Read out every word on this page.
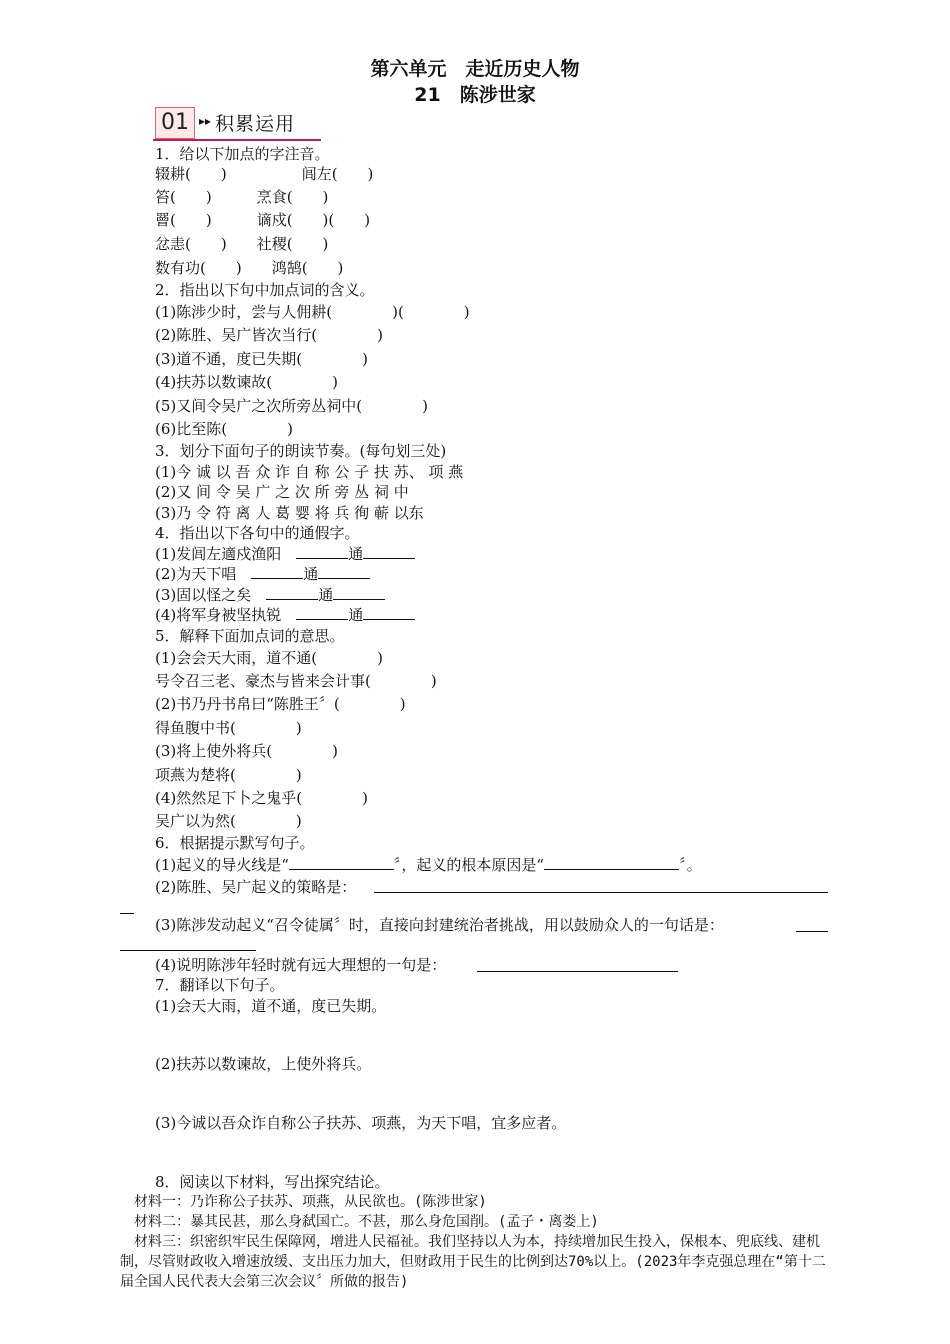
第六单元　走近历史人物
21　陈涉世家
01 ▸▸ 积累运用
1．给以下加点的字注音。
辍耕(　　)　　　　　闾左(　　)
笞(　　)　　　烹食(　　)
罾(　　)　　　谪戍(　　)(　　)
忿恚(　　)　　社稷(　　)
数有功(　　)　　鸿鹄(　　)
2．指出以下句中加点词的含义。
(1)陈涉少时，尝与人佣耕(　　　　)(　　　　)
(2)陈胜、吴广皆次当行(　　　　)
(3)道不通，度已失期(　　　　)
(4)扶苏以数谏故(　　　　)
(5)又间令吴广之次所旁丛祠中(　　　　)
(6)比至陈(　　　　)
3．划分下面句子的朗读节奏。(每句划三处)
(1)今 诚 以 吾 众 诈 自 称 公 子 扶 苏、 项 燕
(2)又 间 令 吴 广 之 次 所 旁 丛 祠 中
(3)乃 令 符 离 人 葛 婴 将 兵 徇 蕲 以东
4．指出以下各句中的通假字。
(1)发闾左適戍渔阳　	通
(2)为天下唱　	通
(3)固以怪之矣　	通
(4)将军身被坚执锐　	通
5．解释下面加点词的意思。
(1)会会天大雨，道不通(　　　　)
号令召三老、豪杰与皆来会计事(　　　　)
(2)书乃丹书帛曰“陈胜王〞(　　　　)
得鱼腹中书(　　　　)
(3)将上使外将兵(　　　　)
项燕为楚将(　　　　)
(4)然然足下卜之鬼乎(　　　　)
吴广以为然(　　　　)
6．根据提示默写句子。
(1)起义的导火线是“	〞，起义的根本原因是“	〞。
(2)陈胜、吴广起义的策略是：
(3)陈涉发动起义“召令徒属〞时，直接向封建统治者挑战，用以鼓励众人的一句话是：
(4)说明陈涉年轻时就有远大理想的一句是：
7．翻译以下句子。
(1)会天大雨，道不通，度已失期。
(2)扶苏以数谏故，上使外将兵。
(3)今诚以吾众诈自称公子扶苏、项燕，为天下唱，宜多应者。
8．阅读以下材料，写出探究结论。
　材料一：乃诈称公子扶苏、项燕，从民欲也。(陈涉世家)
　材料二：暴其民甚，那么身弑国亡。不甚，那么身危国削。(孟子・离娄上)
　材料三：织密织牢民生保障网，增进人民福祉。我们坚持以人为本，持续增加民生投入，保根本、兜底线、建机制，尽管财政收入增速放缓、支出压力加大，但财政用于民生的比例到达70%以上。(2023年李克强总理在“第十二届全国人民代表大会第三次会议〞所做的报告)
